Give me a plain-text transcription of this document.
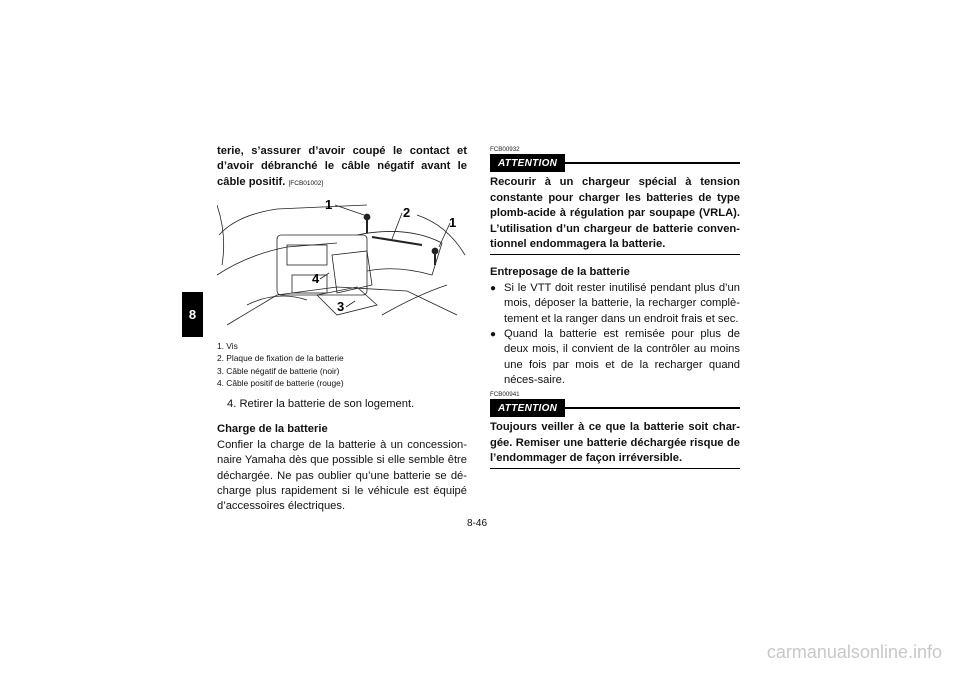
8
terie, s’assurer d’avoir coupé le contact et d’avoir débranché le câble négatif avant le câble positif. [FCB01002]
1
2
1
4
3
1. Vis
2. Plaque de fixation de la batterie
3. Câble négatif de batterie (noir)
4. Câble positif de batterie (rouge)
4. Retirer la batterie de son logement.
Charge de la batterie
Confier la charge de la batterie à un concession-naire Yamaha dès que possible si elle semble être déchargée. Ne pas oublier qu’une batterie se dé-charge plus rapidement si le véhicule est équipé d’accessoires électriques.
FCB00932
ATTENTION
Recourir à un chargeur spécial à tension constante pour charger les batteries de type plomb-acide à régulation par soupape (VRLA). L’utilisation d’un chargeur de batterie conven-tionnel endommagera la batterie.
Entreposage de la batterie
● Si le VTT doit rester inutilisé pendant plus d’un mois, déposer la batterie, la recharger complè-tement et la ranger dans un endroit frais et sec.
● Quand la batterie est remisée pour plus de deux mois, il convient de la contrôler au moins une fois par mois et de la recharger quand néces-saire.
FCB00941
ATTENTION
Toujours veiller à ce que la batterie soit char-gée. Remiser une batterie déchargée risque de l’endommager de façon irréversible.
8-46
carmanualsonline.info
